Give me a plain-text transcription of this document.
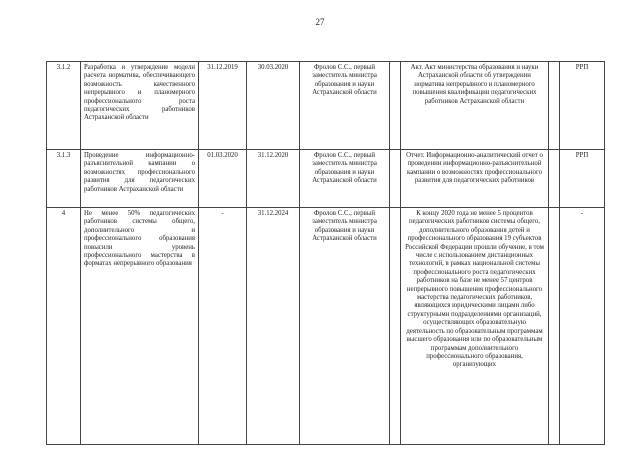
27
3.1.2	Разработка и утверждение модели расчета норматива, обеспечивающего возможность качественного непрерывного и планомерного профессионального роста педагогических работников Астраханской области	31.12.2019	30.03.2020	Фролов С.С., первый заместитель министра образования и науки Астраханской области		Акт. Акт министерства образования и науки Астраханской области об утверждении норматива непрерывного и планомерного повышения квалификации педагогических работников Астраханской области		РРП
3.1.3	Проведение информационно-разъяснительной кампании о возможностях профессионального развития для педагогических работников Астраханской области	01.03.2020	31.12.2020	Фролов С.С., первый заместитель министра образования и науки Астраханской области		Отчет. Информационно-аналитический отчет о проведении информационно-разъяснительной кампании о возможностях профессионального развития для педагогических работников		РРП
4	Не менее 50% педагогических работников системы общего, дополнительного и профессионального образования повысили уровень профессионального мастерства в форматах непрерывного образования	-	31.12.2024	Фролов С.С., первый заместитель министра образования и науки Астраханской области		К концу 2020 года не менее 5 процентов педагогических работников системы общего, дополнительного образования детей и профессионального образования 19 субъектов Российской Федерации прошли обучение, в том числе с использованием дистанционных технологий, в рамках национальной системы профессионального роста педагогических работников на базе не менее 57 центров непрерывного повышения профессионального мастерства педагогических работников, являющихся юридическими лицами либо структурными подразделениями организаций, осуществляющих образовательную деятельность по образовательным программам высшего образования или по образовательным программам дополнительного профессионального образования, организующих		-
